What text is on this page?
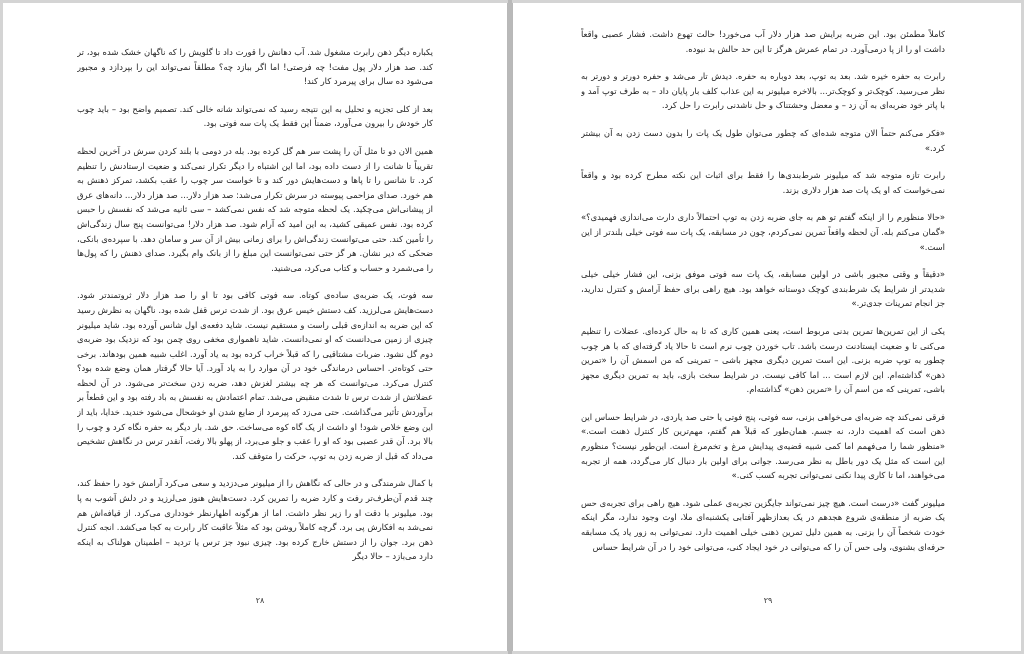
یکباره دیگر ذهن رابرت مشغول شد. آب دهانش را قورت داد تا گلویش را که ناگهان خشک شده بود، تر کند. صد هزار دلار پول مفت! چه فرصتی! اما اگر ببازد چه؟ مطلقاً نمی‌تواند این را بپردازد و مجبور می‌شود ده سال برای پیرمرد کار کند!

بعد از کلی تجزیه و تحلیل به این نتیجه رسید که نمی‌تواند شانه خالی کند. تصمیم واضح بود – باید چوب کار خودش را بیرون می‌آورد، ضمناً این فقط یک پات سه فوتی بود.

همین الان دو تا مثل آن را پشت سر هم گل کرده بود. بله در دومی با بلند کردن سرش در آخرین لحظه تقریباً تا شانت را از دست داده بود، اما این اشتباه را دیگر تکرار نمی‌کند و ضعیت ارستادنش را تنظیم کرد. تا شانس را تا پاها و دست‌هایش دور کند و تا خواست سر چوب را عقب بکشد، تمرکز ذهنش به هم خورد. صدای مزاحمی پیوسته در سرش تکرار می‌شد: صد هزار دلار... صد هزار دلار... دانه‌های عرق از پیشانی‌اش می‌چکید. یک لحظه متوجه شد که نفس نمی‌کشد – سی ثانیه می‌شد که نفسش را حبس کرده بود. نفس عمیقی کشید، به این امید که آرام شود. صد هزار دلار! می‌توانست پنج سال زندگی‌اش را تأمین کند. حتی می‌توانست زندگی‌اش را برای زمانی بیش از آن سر و سامان دهد. با سپرده‌ی بانکی، ضحکی که دیر نشان. هر گز حتی نمی‌توانست این مبلغ را از بانک وام بگیرد. صدای ذهنش را که پول‌ها را می‌شمرد و حساب و کتاب می‌کرد، می‌شنید.

سه فوت، یک ضربه‌ی ساده‌ی کوتاه. سه فوتی کافی بود تا او را صد هزار دلار ثروتمندتر شود. دست‌هایش می‌لرزید. کف دستش خیس عرق بود. از شدت ترس قفل شده بود. ناگهان به نظرش رسید که این ضربه به اندازه‌ی قبلی راست و مستقیم نیست. شاید دفعه‌ی اول شانس آورده بود. شاید میلیونر چیزی از زمین می‌دانست که او نمی‌دانست. شاید ناهمواری مخفی روی چمن بود که نزدیک بود ضربه‌ی دوم گل نشود. ضربات مشتاقیی را که قبلاً خراب کرده بود به یاد آورد. اغلب شبیه همین بودهاند. برخی حتی کوتاه‌تر. احساس درماندگی خود در آن موارد را به یاد آورد. آیا حالا گرفتار همان وضع شده بود؟ کنترل می‌کرد. می‌توانست که هر چه بیشتر لغزش دهد، ضربه زدن سخت‌تر می‌شود. در آن لحظه عضلاتش از شدت ترس تا شدت منقبض می‌شد. تمام اعتمادش به نفسش به باد رفته بود و این قطعاً بر برآوردش تأثیر می‌گذاشت. حتی می‌زد که پیرمرد از ضایع شدن او خوشحال می‌شود خندید. خدایا، باید از این وضع خلاص شود! او داشت از یک گاه کوه می‌ساخت. حق شد. بار دیگر به حفره نگاه کرد و چوب را بالا برد. آن قدر عصبی بود که او را عقب و جلو می‌برد، از پهلو بالا رفت، آنقدر ترس در نگاهش تشخیص می‌داد که قبل از ضربه زدن به توپ، حرکت را متوقف کند.

با کمال شرمندگی و در حالی که نگاهش را از میلیونر می‌دزدید و سعی می‌کرد آرامش خود را حفظ کند، چند قدم آن‌طرف‌تر رفت و کارد ضربه را تمرین کرد. دست‌هایش هنوز می‌لرزید و در دلش آشوب به پا بود. میلیونر با دقت او را زیر نظر داشت. اما از هرگونه اظهارنظر خودداری می‌کرد. از قیافه‌اش هم نمی‌شد به افکارش پی برد. گرچه کاملاً روشن بود که مثلاً عاقبت کار رابرت به کجا می‌کشد. انجه کنترل ذهن برد. جوان را از دستش خارج کرده بود. چیزی نبود جز ترس یا تردید – اطمینان هولناک به اینکه دارد می‌بازد – حالا دیگر

۲۸

کاملاً مطمئن بود. این ضربه برایش صد هزار دلار آب می‌خورد! حالت تهوع داشت. فشار عصبی واقعاً داشت او را از پا درمی‌آورد. در تمام عمرش هرگز تا این حد حالش بد نبوده.

رابرت به حفره خیره شد. بعد به توپ، بعد دوباره به حفره. دیدش تار می‌شد و حفره دورتر و دورتر به نظر می‌رسید. کوچک‌تر و کوچک‌تر... بالاخره میلیونر به این عذاب کلف بار پایان داد – به طرف توپ آمد و با پاتر خود ضربه‌ای به آن زد – و معضل وحشتناک و حل ناشدنی رابرت را حل کرد.

«فکر می‌کنم حتماً الان متوجه شده‌ای که چطور می‌توان طول یک پات را بدون دست زدن به آن بیشتر کرد.»

رابرت تازه متوجه شد که میلیونر شرط‌بندی‌ها را فقط برای اثبات این نکته مطرح کرده بود و واقعاً نمی‌خواست که او یک پات صد هزار دلاری بزند.

«حالا منظورم را از اینکه گفتم تو هم به جای ضربه زدن به توپ احتمالاً داری دارت می‌اندازی فهمیدی؟» «گمان می‌کنم بله. آن لحظه واقعاً تمرین نمی‌کردم، چون در مسابقه، یک پات سه فوتی خیلی بلندتر از این است.»

«دقیقاً و وقتی مجبور باشی در اولین مسابقه، یک پات سه فوتی موفق بزنی، این فشار خیلی خیلی شدیدتر از شرایط یک شرط‌بندی کوچک دوستانه خواهد بود. هیچ راهی برای حفظ آرامش و کنترل ندارید، جز انجام تمرینات جدی‌تر.»

یکی از این تمرین‌ها تمرین بدنی مربوط است، یعنی همین کاری که تا به حال کرده‌ای. عضلات را تنظیم می‌کنی تا و ضعیت ایستادنت درست باشد. تاب خوردن چوب نرم است تا حالا یاد گرفته‌ای که با هر چوب چطور به توپ ضربه بزنی. این است تمرین دیگری مجهز باشی – تمرینی که من اسمش آن را «تمرین ذهن» گذاشته‌ام. این لازم است ... اما کافی نیست. در شرایط سخت بازی، باید به تمرین دیگری مجهز باشی، تمرینی که من اسم آن را «تمرین ذهن» گذاشته‌ام.

فرقی نمی‌کند چه ضربه‌ای می‌خواهی بزنی، سه فوتی، پنج فوتی یا حتی صد یاردی، در شرایط حساس این ذهن است که اهمیت دارد، نه جسم. همان‌طور که قبلاً هم گفتم، مهم‌ترین کار کنترل ذهنت است.» «منظور شما را می‌فهمم اما کمی شبیه قضیه‌ی پیدایش مرغ و تخم‌مرغ است. این‌طور نیست؟ منظورم این است که مثل یک دور باطل به نظر می‌رسد. جوانی برای اولین بار دنبال کار می‌گردد، همه از تجربه می‌خواهند، اما تا کاری پیدا نکنی نمی‌توانی تجربه کسب کنی.»

میلیونر گفت «درست است. هیچ چیز نمی‌تواند جایگزین تجربه‌ی عملی شود. هیچ راهی برای تجربه‌ی حس یک ضربه از منطقه‌ی شروع هجدهم در یک بعدازظهر آفتابی یکشنبه‌ای ملا، اوت وجود ندارد، مگر اینکه خودت شخصاً آن را بزنی. به همین دلیل تمرین ذهنی خیلی اهمیت دارد. نمی‌توانی به زور یاد یک مسابقه حرفه‌ای بشنوی، ولی حس آن را که می‌توانی در خود ایجاد کنی، می‌توانی خود را در آن شرایط حساس

۲۹
